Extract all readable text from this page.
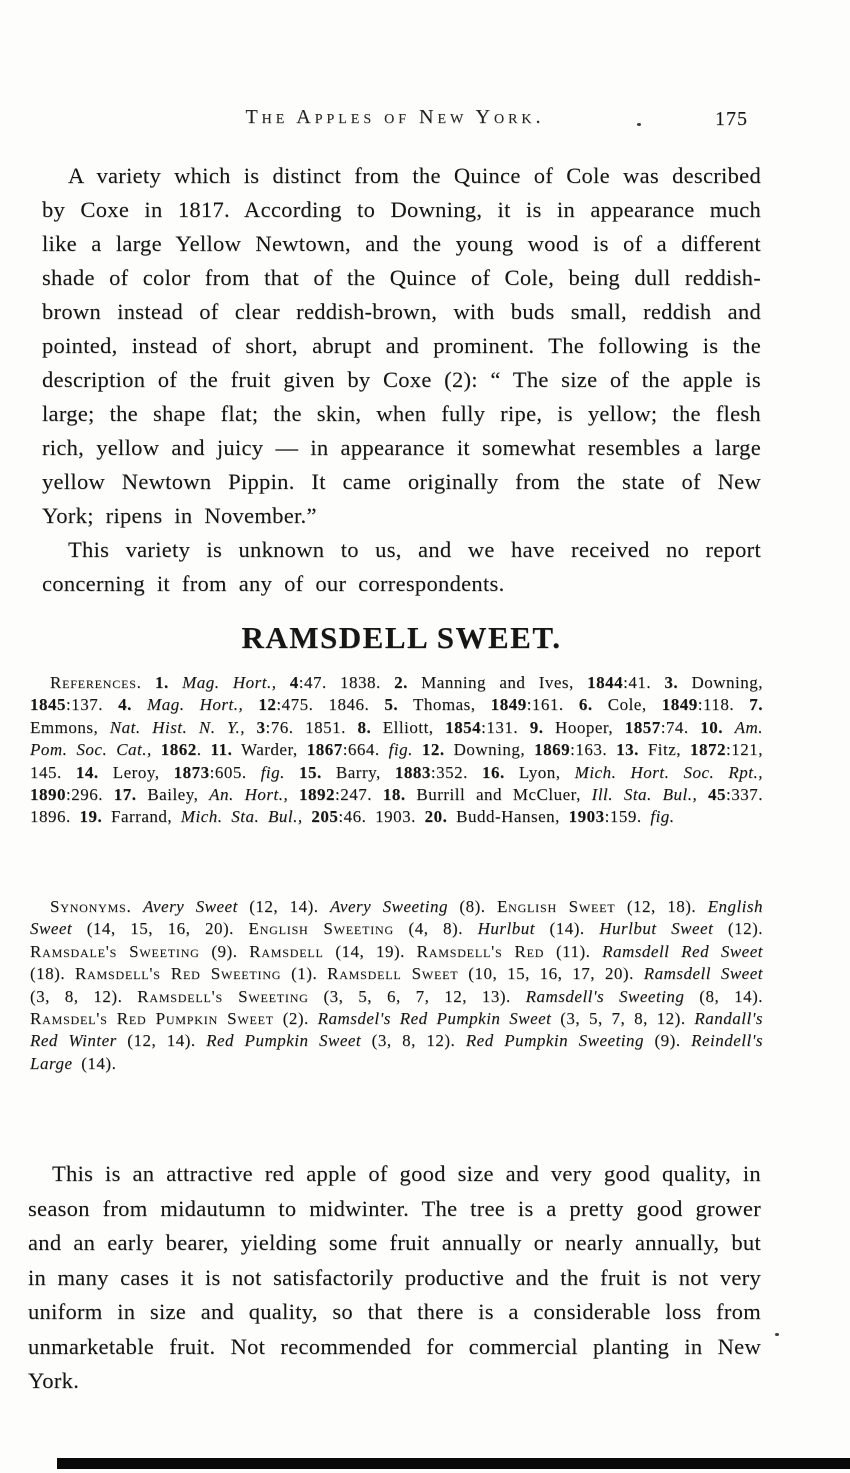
The Apples of New York.	175

A variety which is distinct from the Quince of Cole was described by Coxe in 1817. According to Downing, it is in appearance much like a large Yellow Newtown, and the young wood is of a different shade of color from that of the Quince of Cole, being dull reddish-brown instead of clear reddish-brown, with buds small, reddish and pointed, instead of short, abrupt and prominent. The following is the description of the fruit given by Coxe (2): “ The size of the apple is large; the shape flat; the skin, when fully ripe, is yellow; the flesh rich, yellow and juicy — in appearance it somewhat resembles a large yellow Newtown Pippin. It came originally from the state of New York; ripens in November.”

This variety is unknown to us, and we have received no report concerning it from any of our correspondents.

RAMSDELL SWEET.

References. 1. Mag. Hort., 4:47. 1838. 2. Manning and Ives, 1844:41. 3. Downing, 1845:137. 4. Mag. Hort., 12:475. 1846. 5. Thomas, 1849:161. 6. Cole, 1849:118. 7. Emmons, Nat. Hist. N. Y., 3:76. 1851. 8. Elliott, 1854:131. 9. Hooper, 1857:74. 10. Am. Pom. Soc. Cat., 1862. 11. Warder, 1867:664. fig. 12. Downing, 1869:163. 13. Fitz, 1872:121, 145. 14. Leroy, 1873:605. fig. 15. Barry, 1883:352. 16. Lyon, Mich. Hort. Soc. Rpt., 1890:296. 17. Bailey, An. Hort., 1892:247. 18. Burrill and McCluer, Ill. Sta. Bul., 45:337. 1896. 19. Farrand, Mich. Sta. Bul., 205:46. 1903. 20. Budd-Hansen, 1903:159. fig.

Synonyms. Avery Sweet (12, 14). Avery Sweeting (8). English Sweet (12, 18). English Sweet (14, 15, 16, 20). English Sweeting (4, 8). Hurlbut (14). Hurlbut Sweet (12). Ramsdale's Sweeting (9). Ramsdell (14, 19). Ramsdell's Red (11). Ramsdell Red Sweet (18). Ramsdell's Red Sweeting (1). Ramsdell Sweet (10, 15, 16, 17, 20). Ramsdell Sweet (3, 8, 12). Ramsdell's Sweeting (3, 5, 6, 7, 12, 13). Ramsdell's Sweeting (8, 14). Ramsdel's Red Pumpkin Sweet (2). Ramsdel's Red Pumpkin Sweet (3, 5, 7, 8, 12). Randall's Red Winter (12, 14). Red Pumpkin Sweet (3, 8, 12). Red Pumpkin Sweeting (9). Reindell's Large (14).

This is an attractive red apple of good size and very good quality, in season from midautumn to midwinter. The tree is a pretty good grower and an early bearer, yielding some fruit annually or nearly annually, but in many cases it is not satisfactorily productive and the fruit is not very uniform in size and quality, so that there is a considerable loss from unmarketable fruit. Not recommended for commercial planting in New York.
